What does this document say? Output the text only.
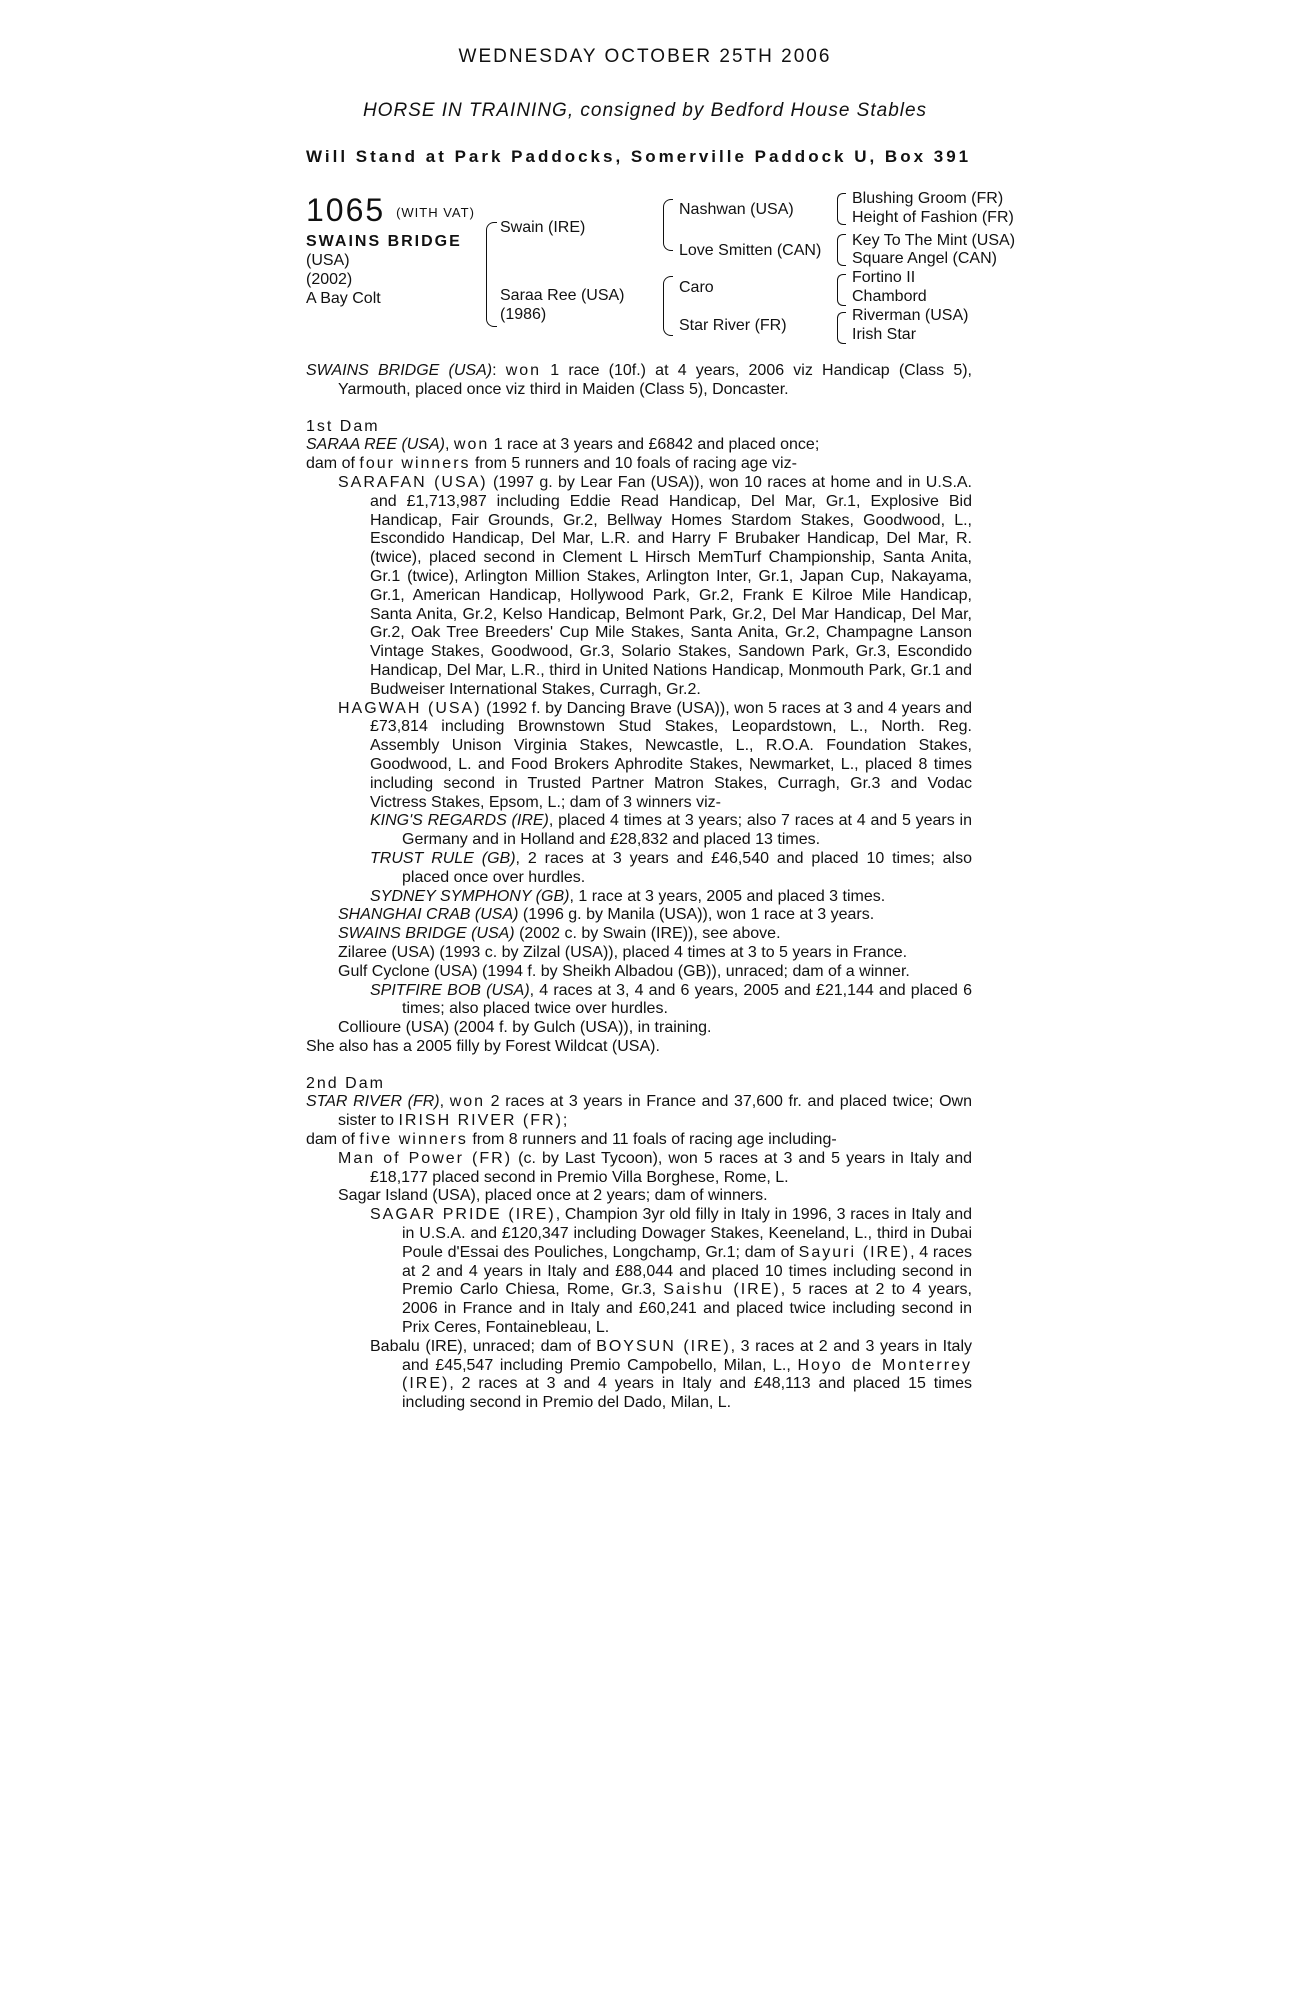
WEDNESDAY OCTOBER 25TH 2006
HORSE IN TRAINING, consigned by Bedford House Stables
Will Stand at Park Paddocks, Somerville Paddock U, Box 391
1065 (WITH VAT)
SWAINS BRIDGE
(USA)
(2002)
A Bay Colt
Swain (IRE)
Saraa Ree (USA)
(1986)
Nashwan (USA)
Love Smitten (CAN)
Caro
Star River (FR)
Blushing Groom (FR)
Height of Fashion (FR)
Key To The Mint (USA)
Square Angel (CAN)
Fortino II
Chambord
Riverman (USA)
Irish Star

SWAINS BRIDGE (USA): won 1 race (10f.) at 4 years, 2006 viz Handicap (Class 5), Yarmouth, placed once viz third in Maiden (Class 5), Doncaster.

1st Dam

SARAA REE (USA), won 1 race at 3 years and £6842 and placed once;

dam of four winners from 5 runners and 10 foals of racing age viz-

SARAFAN (USA) (1997 g. by Lear Fan (USA)), won 10 races at home and in U.S.A. and £1,713,987 including Eddie Read Handicap, Del Mar, Gr.1, Explosive Bid Handicap, Fair Grounds, Gr.2, Bellway Homes Stardom Stakes, Goodwood, L., Escondido Handicap, Del Mar, L.R. and Harry F Brubaker Handicap, Del Mar, R. (twice), placed second in Clement L Hirsch MemTurf Championship, Santa Anita, Gr.1 (twice), Arlington Million Stakes, Arlington Inter, Gr.1, Japan Cup, Nakayama, Gr.1, American Handicap, Hollywood Park, Gr.2, Frank E Kilroe Mile Handicap, Santa Anita, Gr.2, Kelso Handicap, Belmont Park, Gr.2, Del Mar Handicap, Del Mar, Gr.2, Oak Tree Breeders' Cup Mile Stakes, Santa Anita, Gr.2, Champagne Lanson Vintage Stakes, Goodwood, Gr.3, Solario Stakes, Sandown Park, Gr.3, Escondido Handicap, Del Mar, L.R., third in United Nations Handicap, Monmouth Park, Gr.1 and Budweiser International Stakes, Curragh, Gr.2.

HAGWAH (USA) (1992 f. by Dancing Brave (USA)), won 5 races at 3 and 4 years and £73,814 including Brownstown Stud Stakes, Leopardstown, L., North. Reg. Assembly Unison Virginia Stakes, Newcastle, L., R.O.A. Foundation Stakes, Goodwood, L. and Food Brokers Aphrodite Stakes, Newmarket, L., placed 8 times including second in Trusted Partner Matron Stakes, Curragh, Gr.3 and Vodac Victress Stakes, Epsom, L.; dam of 3 winners viz-

KING'S REGARDS (IRE), placed 4 times at 3 years; also 7 races at 4 and 5 years in Germany and in Holland and £28,832 and placed 13 times.

TRUST RULE (GB), 2 races at 3 years and £46,540 and placed 10 times; also placed once over hurdles.

SYDNEY SYMPHONY (GB), 1 race at 3 years, 2005 and placed 3 times.

SHANGHAI CRAB (USA) (1996 g. by Manila (USA)), won 1 race at 3 years.

SWAINS BRIDGE (USA) (2002 c. by Swain (IRE)), see above.

Zilaree (USA) (1993 c. by Zilzal (USA)), placed 4 times at 3 to 5 years in France.

Gulf Cyclone (USA) (1994 f. by Sheikh Albadou (GB)), unraced; dam of a winner.

SPITFIRE BOB (USA), 4 races at 3, 4 and 6 years, 2005 and £21,144 and placed 6 times; also placed twice over hurdles.

Collioure (USA) (2004 f. by Gulch (USA)), in training.

She also has a 2005 filly by Forest Wildcat (USA).

2nd Dam

STAR RIVER (FR), won 2 races at 3 years in France and 37,600 fr. and placed twice; Own sister to IRISH RIVER (FR);

dam of five winners from 8 runners and 11 foals of racing age including-

Man of Power (FR) (c. by Last Tycoon), won 5 races at 3 and 5 years in Italy and £18,177 placed second in Premio Villa Borghese, Rome, L.

Sagar Island (USA), placed once at 2 years; dam of winners.

SAGAR PRIDE (IRE), Champion 3yr old filly in Italy in 1996, 3 races in Italy and in U.S.A. and £120,347 including Dowager Stakes, Keeneland, L., third in Dubai Poule d'Essai des Pouliches, Longchamp, Gr.1; dam of Sayuri (IRE), 4 races at 2 and 4 years in Italy and £88,044 and placed 10 times including second in Premio Carlo Chiesa, Rome, Gr.3, Saishu (IRE), 5 races at 2 to 4 years, 2006 in France and in Italy and £60,241 and placed twice including second in Prix Ceres, Fontainebleau, L.

Babalu (IRE), unraced; dam of BOYSUN (IRE), 3 races at 2 and 3 years in Italy and £45,547 including Premio Campobello, Milan, L., Hoyo de Monterrey (IRE), 2 races at 3 and 4 years in Italy and £48,113 and placed 15 times including second in Premio del Dado, Milan, L.
